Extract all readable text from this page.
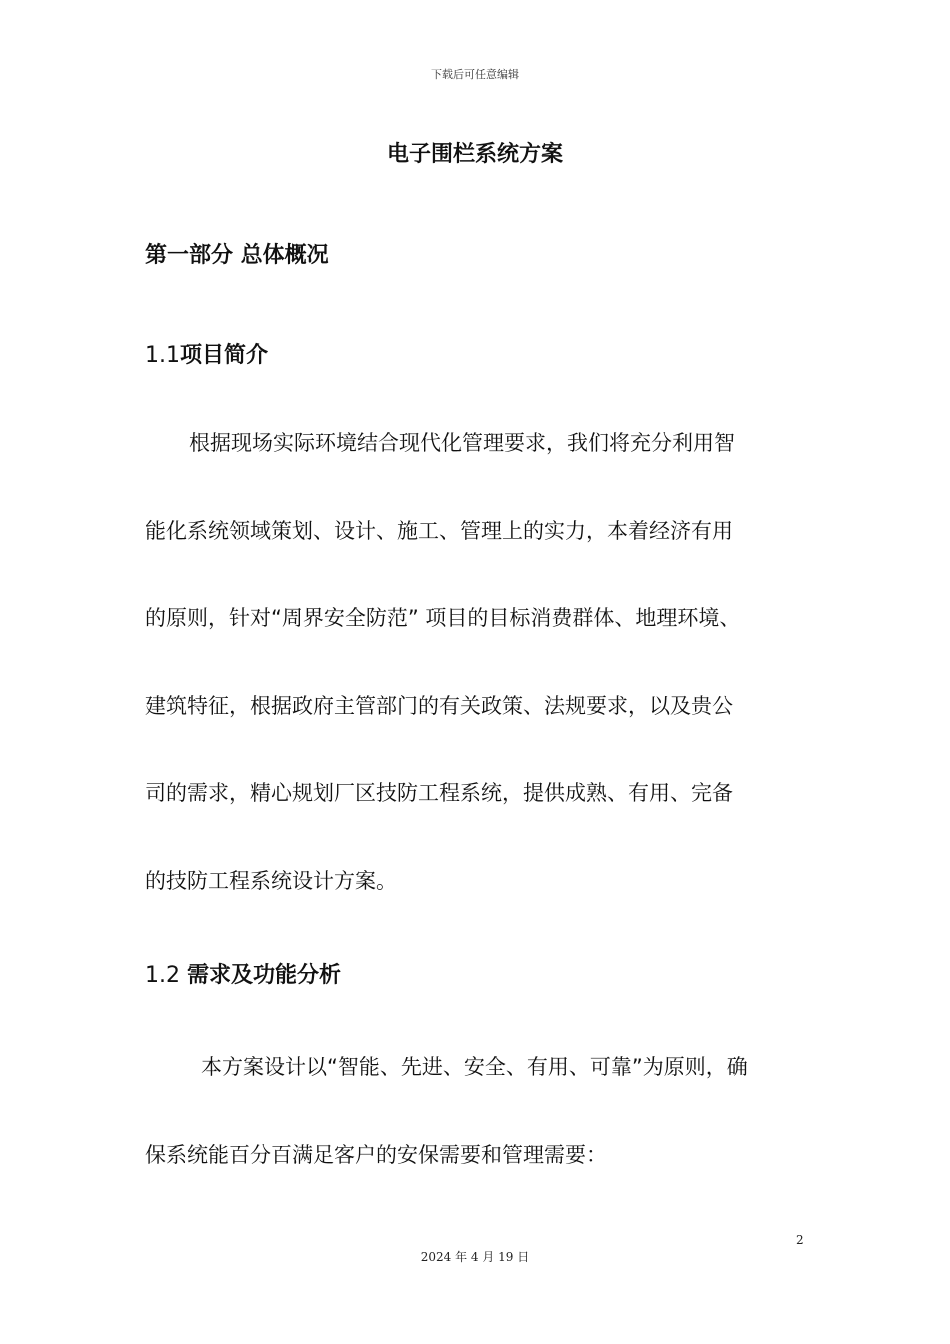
下载后可任意编辑
电子围栏系统方案
第一部分 总体概况
1.1项目简介
根据现场实际环境结合现代化管理要求，我们将充分利用智
能化系统领域策划、设计、施工、管理上的实力，本着经济有用
的原则，针对“周界安全防范” 项目的目标消费群体、地理环境、
建筑特征，根据政府主管部门的有关政策、法规要求，以及贵公
司的需求，精心规划厂区技防工程系统，提供成熟、有用、完备
的技防工程系统设计方案。
1.2 需求及功能分析
本方案设计以“智能、先进、安全、有用、可靠”为原则，确
保系统能百分百满足客户的安保需要和管理需要：
2
2024 年 4 月 19 日
